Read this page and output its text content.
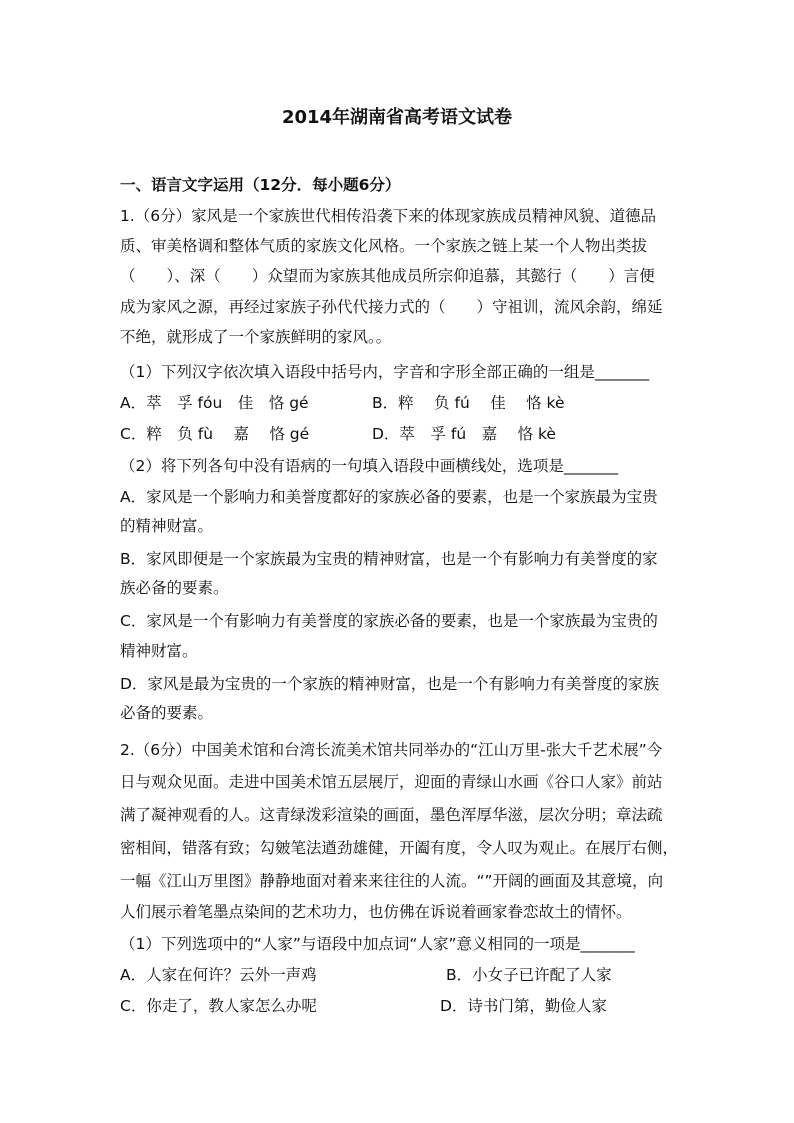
2014年湖南省高考语文试卷
一、语言文字运用（12分．每小题6分）
1.（6分）家风是一个家族世代相传沿袭下来的体现家族成员精神风貌、道德品
质、审美格调和整体气质的家族文化风格。一个家族之链上某一个人物出类拔
（　　）、深（　　）众望而为家族其他成员所宗仰追慕，其懿行（　　）言便
成为家风之源，再经过家族子孙代代接力式的（　　）守祖训，流风余韵，绵延
不绝，就形成了一个家族鲜明的家风。。
（1）下列汉字依次填入语段中括号内，字音和字形全部正确的一组是_______
A．萃　孚 fóu　佳　恪 gé	B．粹　 负 fú　 佳　 恪 kè
C．粹　负 fù　 嘉　 恪 gé	D．萃　孚 fú　嘉　 恪 kè
（2）将下列各句中没有语病的一句填入语段中画横线处，选项是_______
A．家风是一个影响力和美誉度都好的家族必备的要素，也是一个家族最为宝贵
的精神财富。
B．家风即便是一个家族最为宝贵的精神财富，也是一个有影响力有美誉度的家
族必备的要素。
C．家风是一个有影响力有美誉度的家族必备的要素，也是一个家族最为宝贵的
精神财富。
D．家风是最为宝贵的一个家族的精神财富，也是一个有影响力有美誉度的家族
必备的要素。
2.（6分）中国美术馆和台湾长流美术馆共同举办的“江山万里-张大千艺术展”今
日与观众见面。走进中国美术馆五层展厅，迎面的青绿山水画《谷口人家》前站
满了凝神观看的人。这青绿泼彩渲染的画面，墨色浑厚华滋，层次分明；章法疏
密相间，错落有致；勾皴笔法遒劲雄健，开阖有度，令人叹为观止。在展厅右侧，
一幅《江山万里图》静静地面对着来来往往的人流。“”开阔的画面及其意境，向
人们展示着笔墨点染间的艺术功力，也仿佛在诉说着画家眷恋故土的情怀。
（1）下列选项中的“人家”与语段中加点词“人家”意义相同的一项是_______
A．人家在何许？云外一声鸡	B．小女子已许配了人家
C．你走了，教人家怎么办呢	D．诗书门第，勤俭人家
